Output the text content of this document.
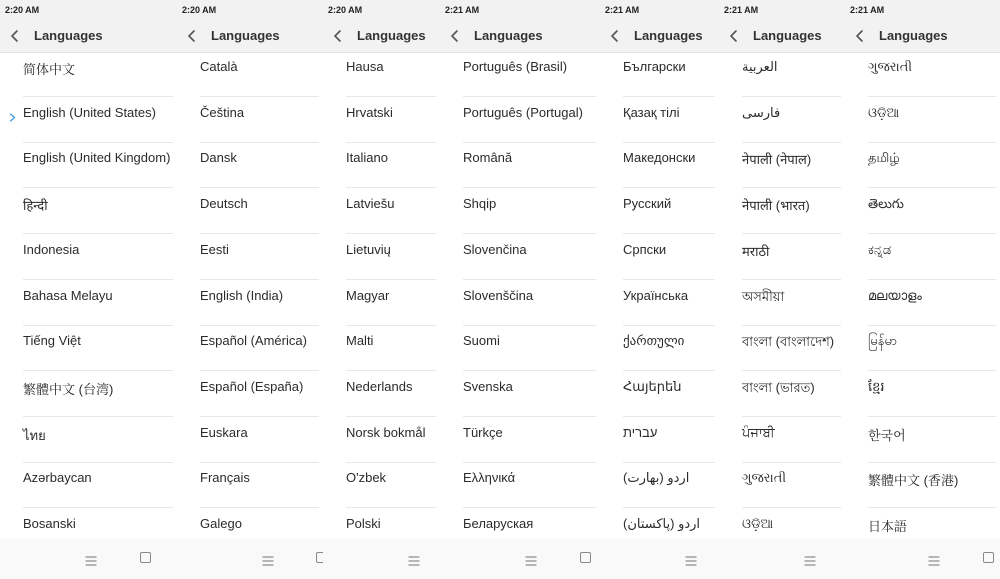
2:20 AM
Languages
简体中文
English (United States)
English (United Kingdom)
हिन्दी
Indonesia
Bahasa Melayu
Tiếng Việt
繁體中文 (台湾)
ไทย
Azərbaycan
Bosanski
2:20 AM
Languages
Català
Čeština
Dansk
Deutsch
Eesti
English (India)
Español (América)
Español (España)
Euskara
Français
Galego
2:20 AM
Languages
Hausa
Hrvatski
Italiano
Latviešu
Lietuvių
Magyar
Malti
Nederlands
Norsk bokmål
O'zbek
Polski
2:21 AM
Languages
Português (Brasil)
Português (Portugal)
Română
Shqip
Slovenčina
Slovenščina
Suomi
Svenska
Türkçe
Ελληνικά
Беларуская
2:21 AM
Languages
Български
Қазақ тілі
Македонски
Русский
Српски
Українська
ქართული
Հայերեն
עברית
اردو (بھارت)
اردو (پاکستان)
2:21 AM
Languages
العربية
فارسی
नेपाली (नेपाल)
नेपाली (भारत)
मराठी
অসমীয়া
বাংলা (বাংলাদেশ)
বাংলা (ভারত)
ਪੰਜਾਬੀ
ગુજરાતી
ଓଡ଼ିଆ
2:21 AM
Languages
ગુજરાતી
ଓଡ଼ିଆ
தமிழ்
తెలుగు
ಕನ್ನಡ
മലയാളം
မြန်မာ
ខ្មែរ
한국어
繁體中文 (香港)
日本語
